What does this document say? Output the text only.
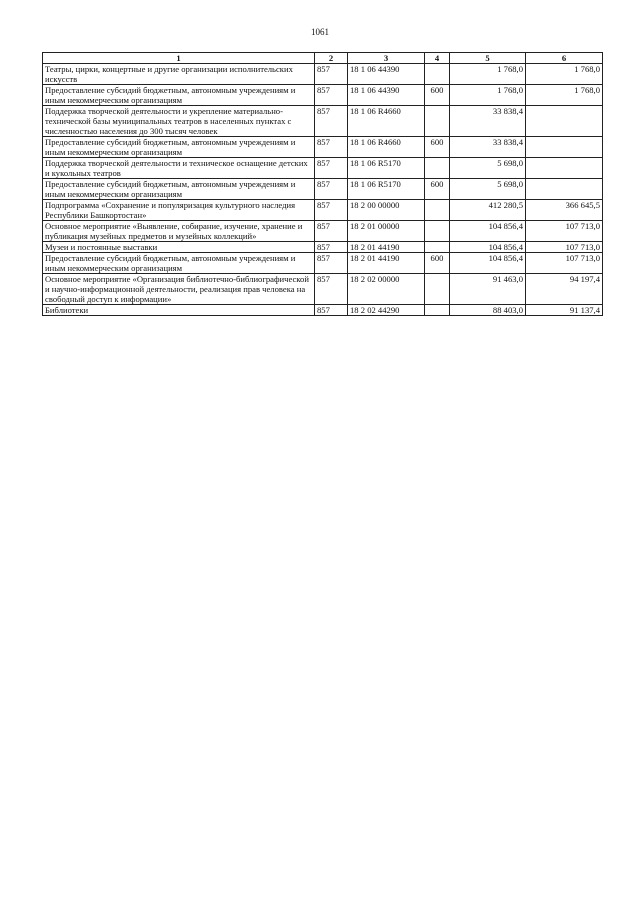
1061
1	2	3	4	5	6
Театры, цирки, концертные и другие организации исполнительских искусств	857	18 1 06 44390		1 768,0	1 768,0
Предоставление субсидий бюджетным, автономным учреждениям и иным некоммерческим организациям	857	18 1 06 44390	600	1 768,0	1 768,0
Поддержка творческой деятельности и укрепление материально-технической базы муниципальных театров в населенных пунктах с численностью населения до 300 тысяч человек	857	18 1 06 R4660		33 838,4	
Предоставление субсидий бюджетным, автономным учреждениям и иным некоммерческим организациям	857	18 1 06 R4660	600	33 838,4	
Поддержка творческой деятельности и техническое оснащение детских и кукольных театров	857	18 1 06 R5170		5 698,0	
Предоставление субсидий бюджетным, автономным учреждениям и иным некоммерческим организациям	857	18 1 06 R5170	600	5 698,0	
Подпрограмма «Сохранение и популяризация культурного наследия Республики Башкортостан»	857	18 2 00 00000		412 280,5	366 645,5
Основное мероприятие «Выявление, собирание, изучение, хранение и публикация музейных предметов и музейных коллекций»	857	18 2 01 00000		104 856,4	107 713,0
Музеи и постоянные выставки	857	18 2 01 44190		104 856,4	107 713,0
Предоставление субсидий бюджетным, автономным учреждениям и иным некоммерческим организациям	857	18 2 01 44190	600	104 856,4	107 713,0
Основное мероприятие «Организация библиотечно-библиографической и научно-информационной деятельности, реализация прав человека на свободный доступ к информации»	857	18 2 02 00000		91 463,0	94 197,4
Библиотеки	857	18 2 02 44290		88 403,0	91 137,4
